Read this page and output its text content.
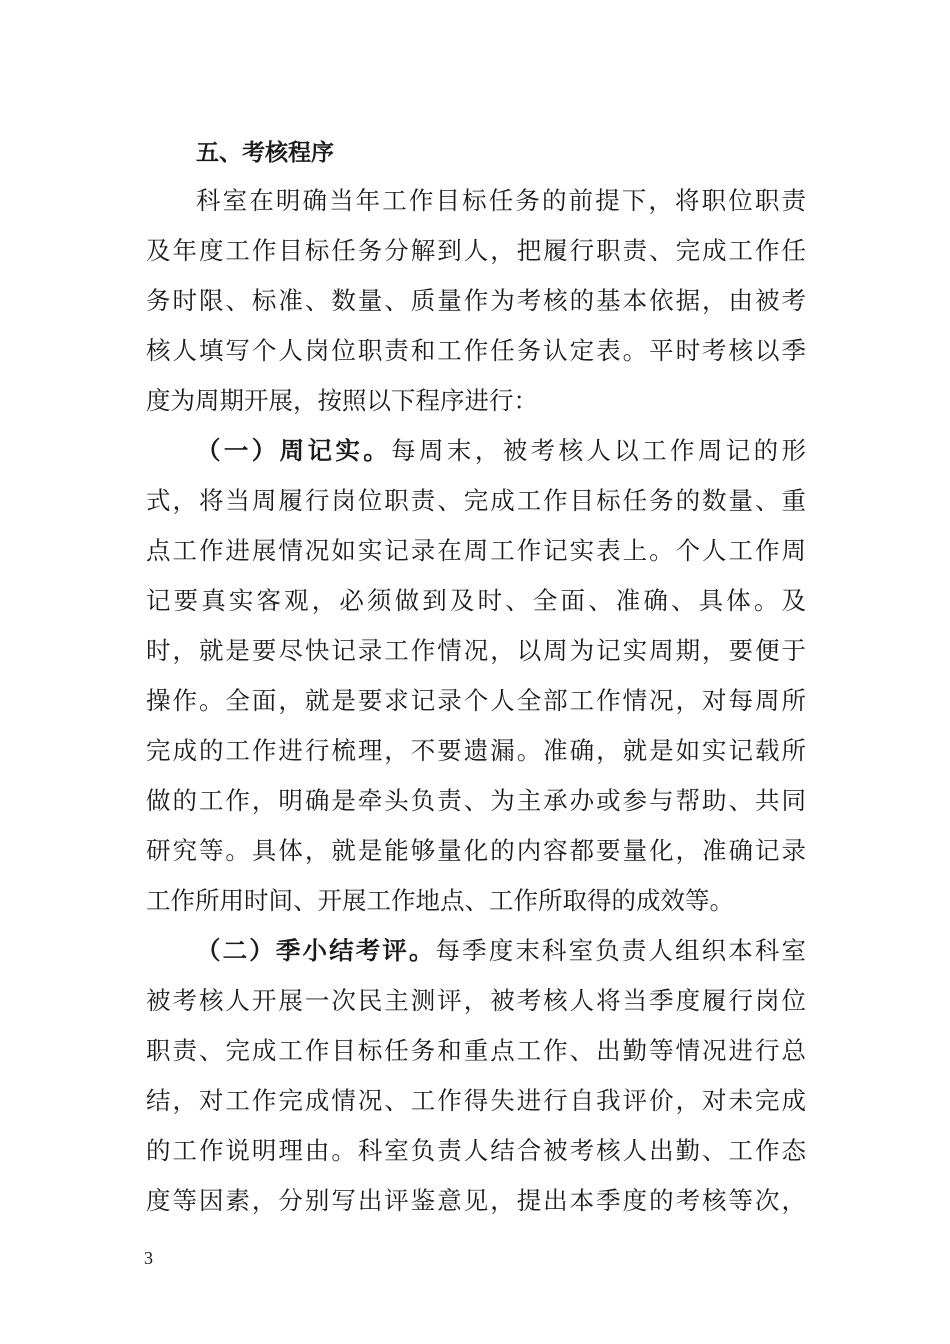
五、考核程序
科室在明确当年工作目标任务的前提下，将职位职责
及年度工作目标任务分解到人，把履行职责、完成工作任
务时限、标准、数量、质量作为考核的基本依据，由被考
核人填写个人岗位职责和工作任务认定表。平时考核以季
度为周期开展，按照以下程序进行：
（一）周记实。每周末，被考核人以工作周记的形
式，将当周履行岗位职责、完成工作目标任务的数量、重
点工作进展情况如实记录在周工作记实表上。个人工作周
记要真实客观，必须做到及时、全面、准确、具体。及
时，就是要尽快记录工作情况，以周为记实周期，要便于
操作。全面，就是要求记录个人全部工作情况，对每周所
完成的工作进行梳理，不要遗漏。准确，就是如实记载所
做的工作，明确是牵头负责、为主承办或参与帮助、共同
研究等。具体，就是能够量化的内容都要量化，准确记录
工作所用时间、开展工作地点、工作所取得的成效等。
（二）季小结考评。每季度末科室负责人组织本科室
被考核人开展一次民主测评，被考核人将当季度履行岗位
职责、完成工作目标任务和重点工作、出勤等情况进行总
结，对工作完成情况、工作得失进行自我评价，对未完成
的工作说明理由。科室负责人结合被考核人出勤、工作态
度等因素，分别写出评鉴意见，提出本季度的考核等次，
3
